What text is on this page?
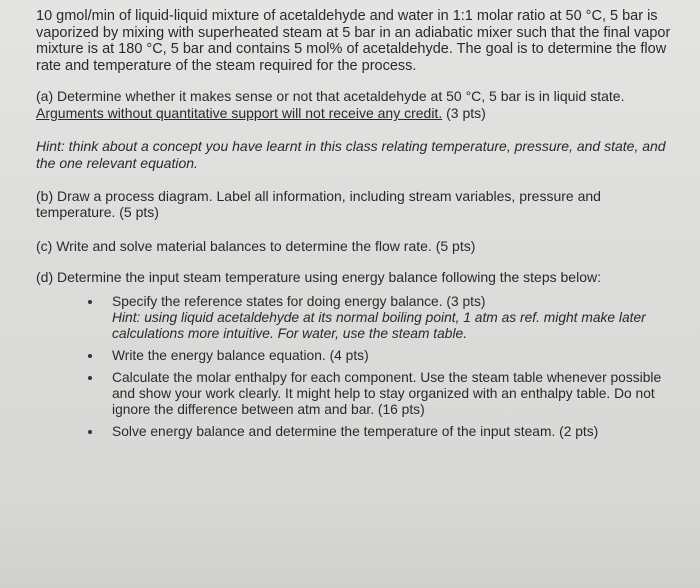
10 gmol/min of liquid-liquid mixture of acetaldehyde and water in 1:1 molar ratio at 50 °C, 5 bar is vaporized by mixing with superheated steam at 5 bar in an adiabatic mixer such that the final vapor mixture is at 180 °C, 5 bar and contains 5 mol% of acetaldehyde. The goal is to determine the flow rate and temperature of the steam required for the process.

(a) Determine whether it makes sense or not that acetaldehyde at 50 °C, 5 bar is in liquid state. Arguments without quantitative support will not receive any credit. (3 pts)

Hint: think about a concept you have learnt in this class relating temperature, pressure, and state, and the one relevant equation.

(b) Draw a process diagram. Label all information, including stream variables, pressure and temperature. (5 pts)

(c) Write and solve material balances to determine the flow rate. (5 pts)

(d) Determine the input steam temperature using energy balance following the steps below:

Specify the reference states for doing energy balance. (3 pts)
Hint: using liquid acetaldehyde at its normal boiling point, 1 atm as ref. might make later calculations more intuitive. For water, use the steam table.
Write the energy balance equation. (4 pts)
Calculate the molar enthalpy for each component. Use the steam table whenever possible and show your work clearly. It might help to stay organized with an enthalpy table. Do not ignore the difference between atm and bar. (16 pts)
Solve energy balance and determine the temperature of the input steam. (2 pts)
